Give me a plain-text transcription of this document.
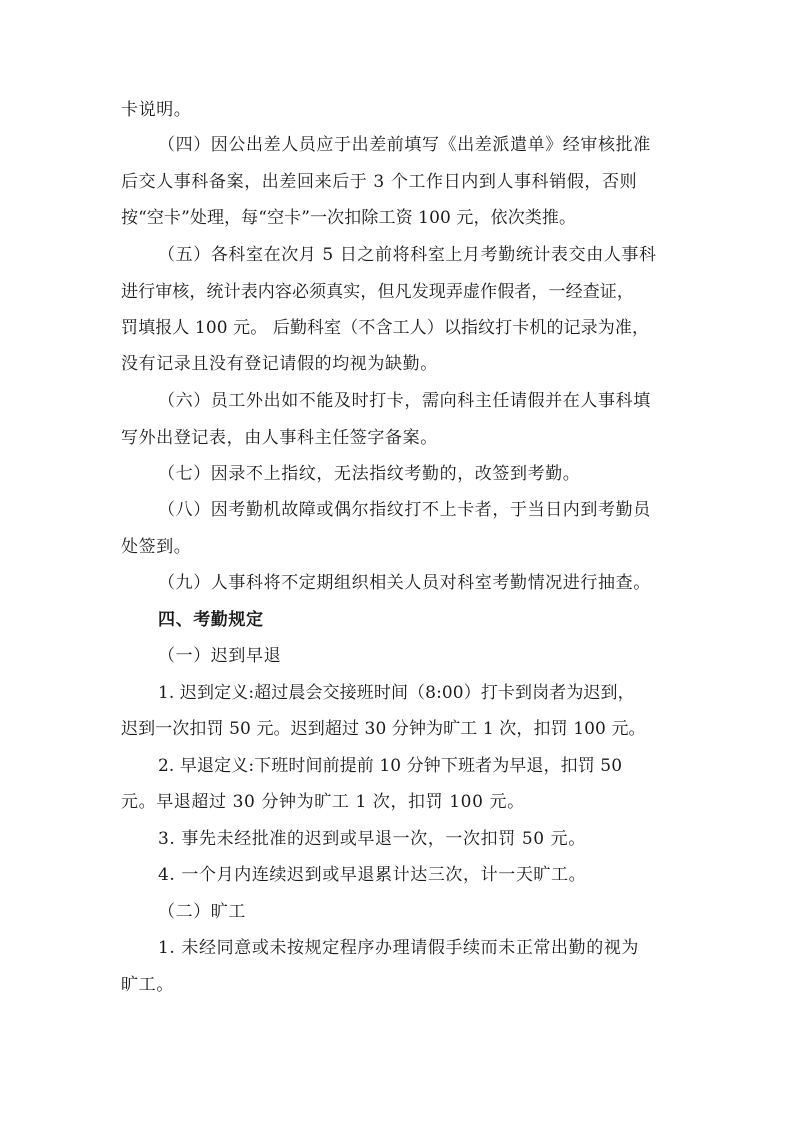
卡说明。
（四）因公出差人员应于出差前填写《出差派遣单》经审核批准
后交人事科备案，出差回来后于 3 个工作日内到人事科销假，否则
按“空卡”处理，每“空卡”一次扣除工资 100 元，依次类推。
（五）各科室在次月 5 日之前将科室上月考勤统计表交由人事科
进行审核，统计表内容必须真实，但凡发现弄虚作假者，一经查证，
罚填报人 100 元。 后勤科室（不含工人）以指纹打卡机的记录为准，
没有记录且没有登记请假的均视为缺勤。
（六）员工外出如不能及时打卡，需向科主任请假并在人事科填
写外出登记表，由人事科主任签字备案。
（七）因录不上指纹，无法指纹考勤的，改签到考勤。
（八）因考勤机故障或偶尔指纹打不上卡者，于当日内到考勤员
处签到。
（九）人事科将不定期组织相关人员对科室考勤情况进行抽查。
四、考勤规定
（一）迟到早退
1. 迟到定义:超过晨会交接班时间（8:00）打卡到岗者为迟到，
迟到一次扣罚 50 元。迟到超过 30 分钟为旷工 1 次，扣罚 100 元。
2. 早退定义:下班时间前提前 10 分钟下班者为早退，扣罚 50
元。早退超过 30 分钟为旷工 1 次，扣罚 100 元。
3. 事先未经批准的迟到或早退一次，一次扣罚 50 元。
4. 一个月内连续迟到或早退累计达三次，计一天旷工。
（二）旷工
1. 未经同意或未按规定程序办理请假手续而未正常出勤的视为
旷工。
